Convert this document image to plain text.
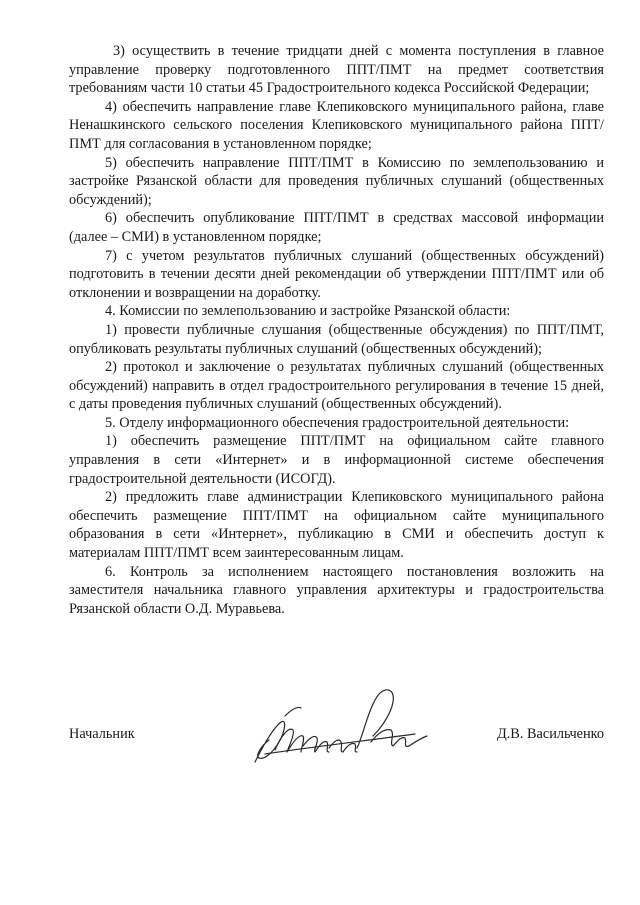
3) осуществить в течение тридцати дней с момента поступления в главное управление проверку подготовленного ППТ/ПМТ на предмет соответствия требованиям части 10 статьи 45 Градостроительного кодекса Российской Федерации;

4) обеспечить направление главе Клепиковского муниципального района, главе Ненашкинского сельского поселения Клепиковского муниципального района ППТ/ПМТ для согласования в установленном порядке;

5) обеспечить направление ППТ/ПМТ в Комиссию по землепользованию и застройке Рязанской области для проведения публичных слушаний (общественных обсуждений);

6) обеспечить опубликование ППТ/ПМТ в средствах массовой информации (далее – СМИ) в установленном порядке;

7) с учетом результатов публичных слушаний (общественных обсуждений) подготовить в течении десяти дней рекомендации об утверждении ППТ/ПМТ или об отклонении и возвращении на доработку.

4. Комиссии по землепользованию и застройке Рязанской области:

1) провести публичные слушания (общественные обсуждения) по ППТ/ПМТ, опубликовать результаты публичных слушаний (общественных обсуждений);

2) протокол и заключение о результатах публичных слушаний (общественных обсуждений) направить в отдел градостроительного регулирования в течение 15 дней, с даты проведения публичных слушаний (общественных обсуждений).

5. Отделу информационного обеспечения градостроительной деятельности:

1) обеспечить размещение ППТ/ПМТ на официальном сайте главного управления в сети «Интернет» и в информационной системе обеспечения градостроительной деятельности (ИСОГД).

2) предложить главе администрации Клепиковского муниципального района обеспечить размещение ППТ/ПМТ на официальном сайте муниципального образования в сети «Интернет», публикацию в СМИ и обеспечить доступ к материалам ППТ/ПМТ всем заинтересованным лицам.

6. Контроль за исполнением настоящего постановления возложить на заместителя начальника главного управления архитектуры и градостроительства Рязанской области О.Д. Муравьева.

Начальник	Д.В. Васильченко
